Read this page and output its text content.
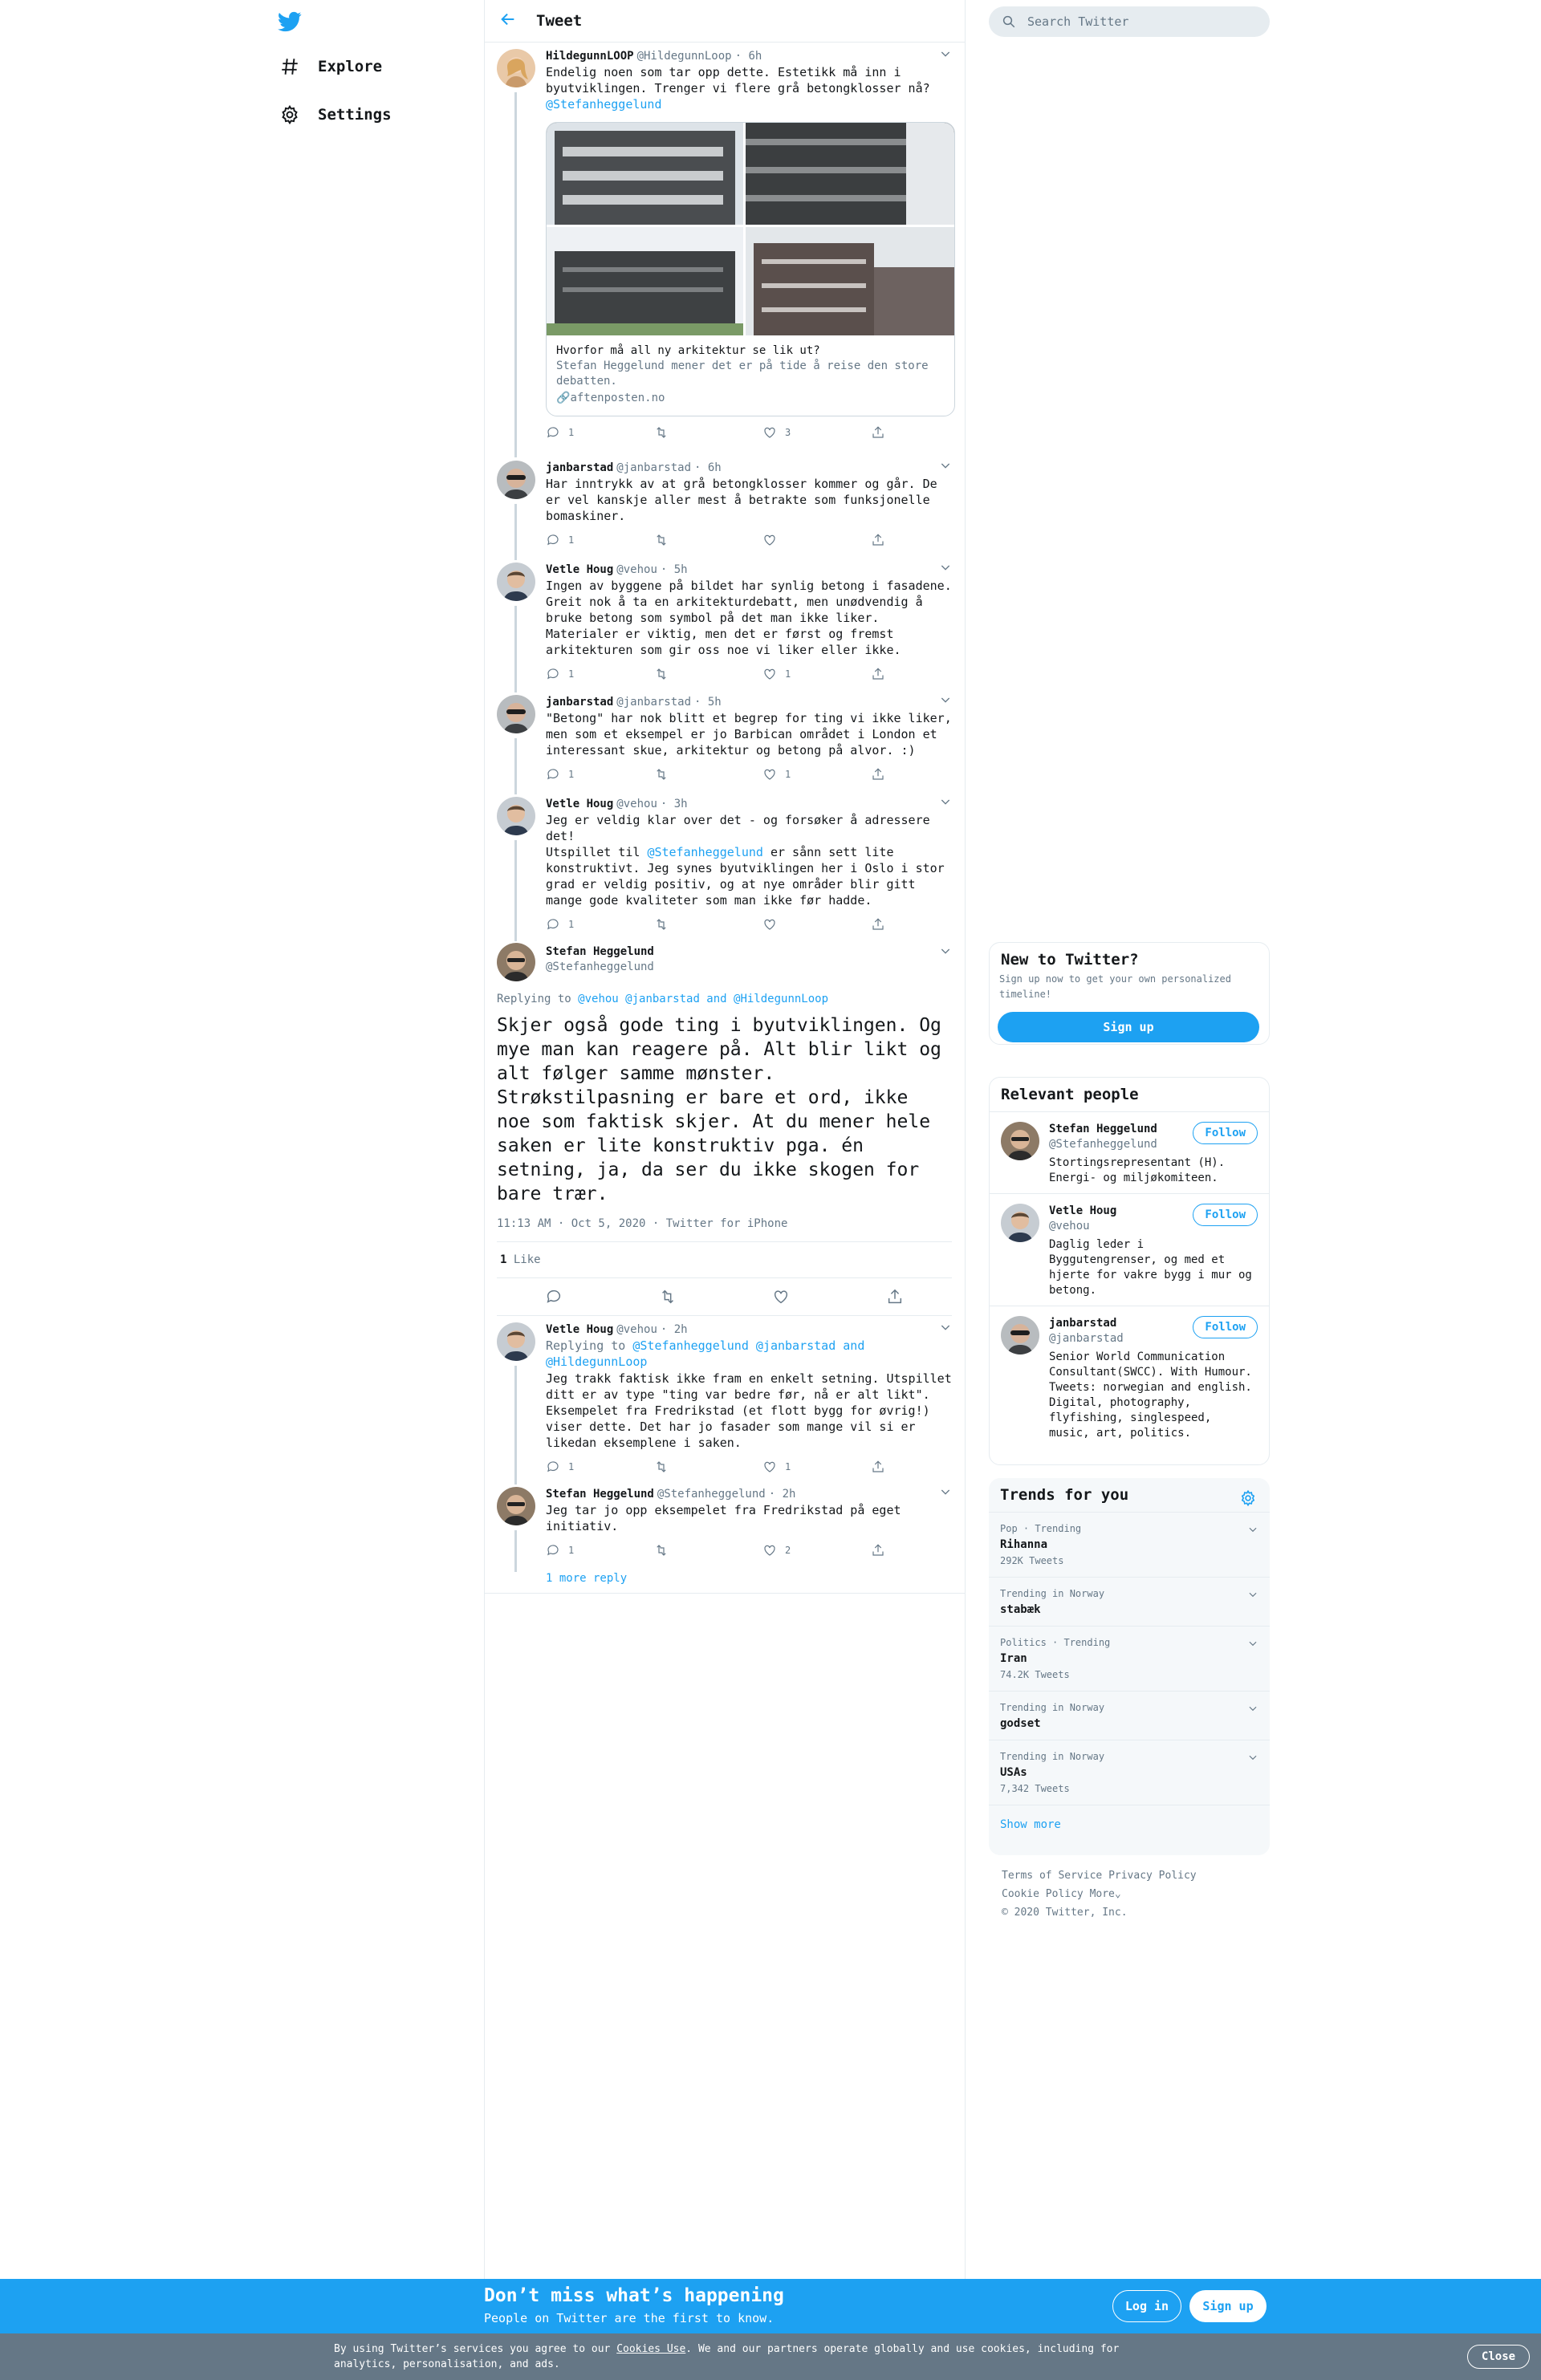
Explore
Settings
Tweet
HildegunnLOOP @HildegunnLoop · 6h
Endelig noen som tar opp dette. Estetikk må inn i byutviklingen. Trenger vi flere grå betongklosser nå?
@Stefanheggelund
Hvorfor må all ny arkitektur se lik ut?
Stefan Heggelund mener det er på tide å reise den store debatten.
🔗aftenposten.no
1	3
janbarstad @janbarstad · 6h
Har inntrykk av at grå betongklosser kommer og går. De er vel kanskje aller mest å betrakte som funksjonelle bomaskiner.
1
Vetle Houg @vehou · 5h
Ingen av byggene på bildet har synlig betong i fasadene. Greit nok å ta en arkitekturdebatt, men unødvendig å bruke betong som symbol på det man ikke liker. Materialer er viktig, men det er først og fremst arkitekturen som gir oss noe vi liker eller ikke.
1	1
janbarstad @janbarstad · 5h
"Betong" har nok blitt et begrep for ting vi ikke liker, men som et eksempel er jo Barbican området i London et interessant skue, arkitektur og betong på alvor. :)
1	1
Vetle Houg @vehou · 3h
Jeg er veldig klar over det - og forsøker å adressere det!
Utspillet til @Stefanheggelund er sånn sett lite konstruktivt. Jeg synes byutviklingen her i Oslo i stor grad er veldig positiv, og at nye områder blir gitt mange gode kvaliteter som man ikke før hadde.
1
Stefan Heggelund
@Stefanheggelund
Replying to @vehou @janbarstad and @HildegunnLoop
Skjer også gode ting i byutviklingen. Og mye man kan reagere på. Alt blir likt og alt følger samme mønster. Strøkstilpasning er bare et ord, ikke noe som faktisk skjer. At du mener hele saken er lite konstruktiv pga. én setning, ja, da ser du ikke skogen for bare trær.
11:13 AM · Oct 5, 2020 · Twitter for iPhone
1 Like
Vetle Houg @vehou · 2h
Replying to @Stefanheggelund @janbarstad and @HildegunnLoop
Jeg trakk faktisk ikke fram en enkelt setning. Utspillet ditt er av type "ting var bedre før, nå er alt likt". Eksempelet fra Fredrikstad (et flott bygg for øvrig!) viser dette. Det har jo fasader som mange vil si er likedan eksemplene i saken.
1	1
Stefan Heggelund @Stefanheggelund · 2h
Jeg tar jo opp eksempelet fra Fredrikstad på eget initiativ.
1	2
1 more reply
Search Twitter
New to Twitter?
Sign up now to get your own personalized timeline!
Sign up
Relevant people
Stefan Heggelund
@Stefanheggelund
Stortingsrepresentant (H). Energi- og miljøkomiteen.
Follow
Vetle Houg
@vehou
Daglig leder i Byggutengrenser, og med et hjerte for vakre bygg i mur og betong.
Follow
janbarstad
@janbarstad
Senior World Communication Consultant(SWCC). With Humour. Tweets: norwegian and english. Digital, photography, flyfishing, singlespeed, music, art, politics.
Follow
Trends for you
Pop · Trending
Rihanna
292K Tweets
Trending in Norway
stabæk
Politics · Trending
Iran
74.2K Tweets
Trending in Norway
godset
Trending in Norway
USAs
7,342 Tweets
Show more
Terms of Service Privacy Policy
Cookie Policy More⌄
© 2020 Twitter, Inc.
Don’t miss what’s happening
People on Twitter are the first to know.
Log in	Sign up
By using Twitter’s services you agree to our Cookies Use. We and our partners operate globally and use cookies, including for analytics, personalisation, and ads.
Close
